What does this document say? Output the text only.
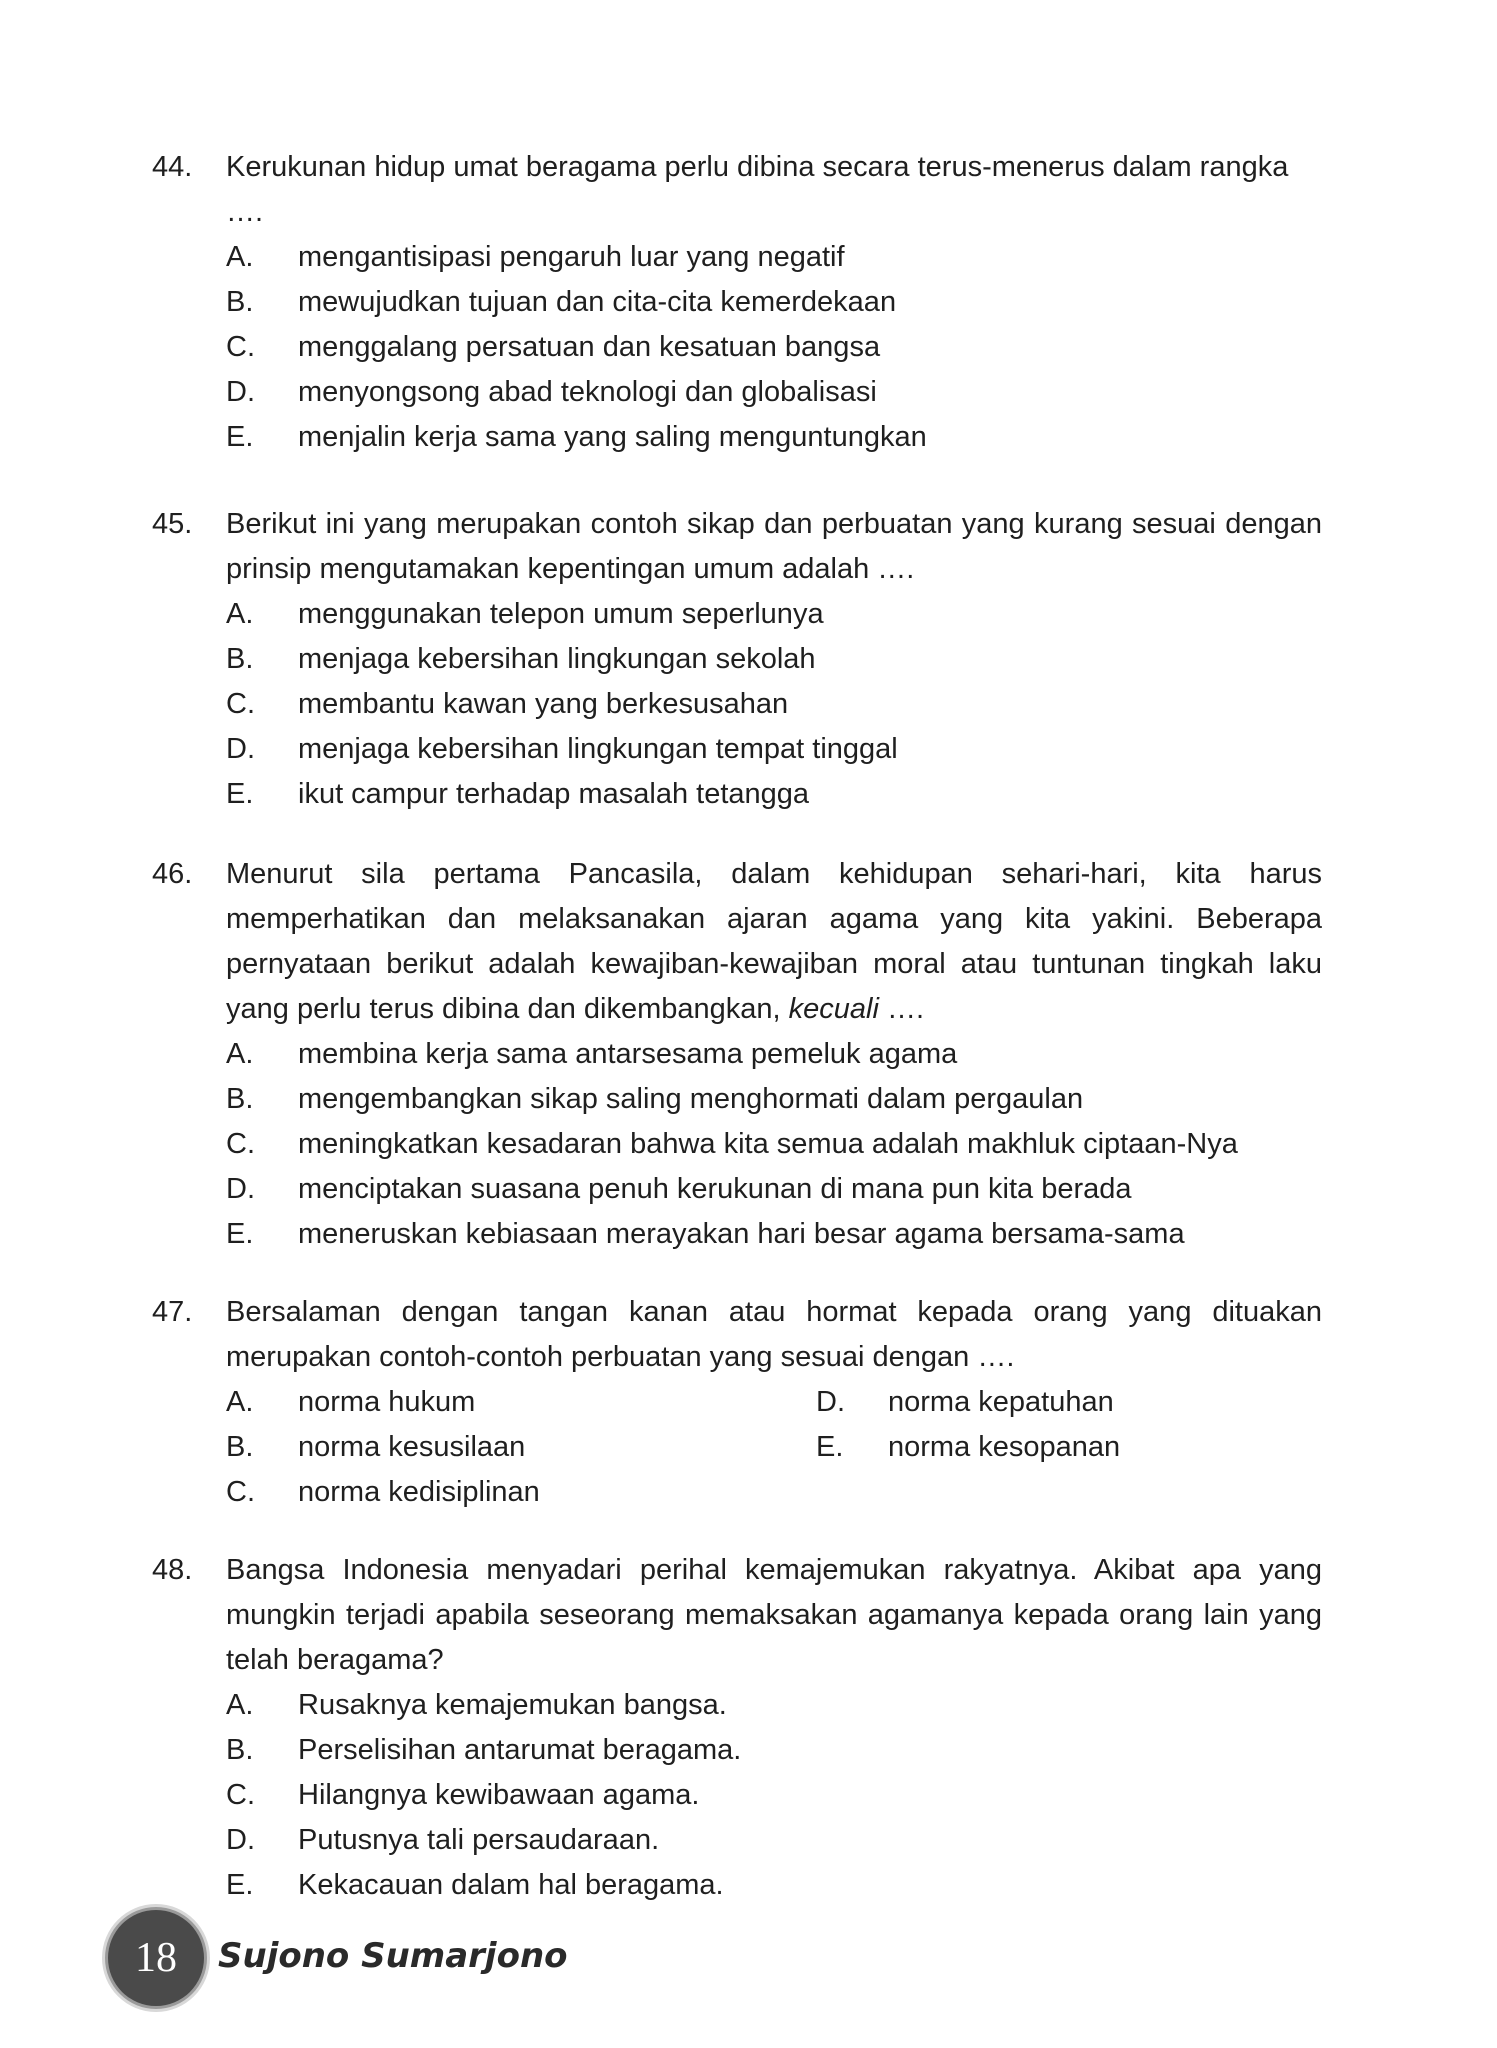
44.	Kerukunan hidup umat beragama perlu dibina secara terus-menerus dalam rangka

….

A.	mengantisipasi pengaruh luar yang negatif
B.	mewujudkan tujuan dan cita-cita kemerdekaan
C.	menggalang persatuan dan kesatuan bangsa
D.	menyongsong abad teknologi dan globalisasi
E.	menjalin kerja sama yang saling menguntungkan
45.	Berikut ini yang merupakan contoh sikap dan perbuatan yang kurang sesuai dengan prinsip mengutamakan kepentingan umum adalah ….

A.	menggunakan telepon umum seperlunya
B.	menjaga kebersihan lingkungan sekolah
C.	membantu kawan yang berkesusahan
D.	menjaga kebersihan lingkungan tempat tinggal
E.	ikut campur terhadap masalah tetangga
46.	Menurut sila pertama Pancasila, dalam kehidupan sehari-hari, kita harus memperhatikan dan melaksanakan ajaran agama yang kita yakini. Beberapa pernyataan berikut adalah kewajiban-kewajiban moral atau tuntunan tingkah laku yang perlu terus dibina dan dikembangkan, kecuali ….

A.	membina kerja sama antarsesama pemeluk agama
B.	mengembangkan sikap saling menghormati dalam pergaulan
C.	meningkatkan kesadaran bahwa kita semua adalah makhluk ciptaan-Nya
D.	menciptakan suasana penuh kerukunan di mana pun kita berada
E.	meneruskan kebiasaan merayakan hari besar agama bersama-sama
47.	Bersalaman dengan tangan kanan atau hormat kepada orang yang dituakan merupakan contoh-contoh perbuatan yang sesuai dengan ….

A.	norma hukum	D.	norma kepatuhan
B.	norma kesusilaan	E.	norma kesopanan
C.	norma kedisiplinan
48.	Bangsa Indonesia menyadari perihal kemajemukan rakyatnya. Akibat apa yang mungkin terjadi apabila seseorang memaksakan agamanya kepada orang lain yang telah beragama?

A.	Rusaknya kemajemukan bangsa.
B.	Perselisihan antarumat beragama.
C.	Hilangnya kewibawaan agama.
D.	Putusnya tali persaudaraan.
E.	Kekacauan dalam hal beragama.
18	Sujono Sumarjono
